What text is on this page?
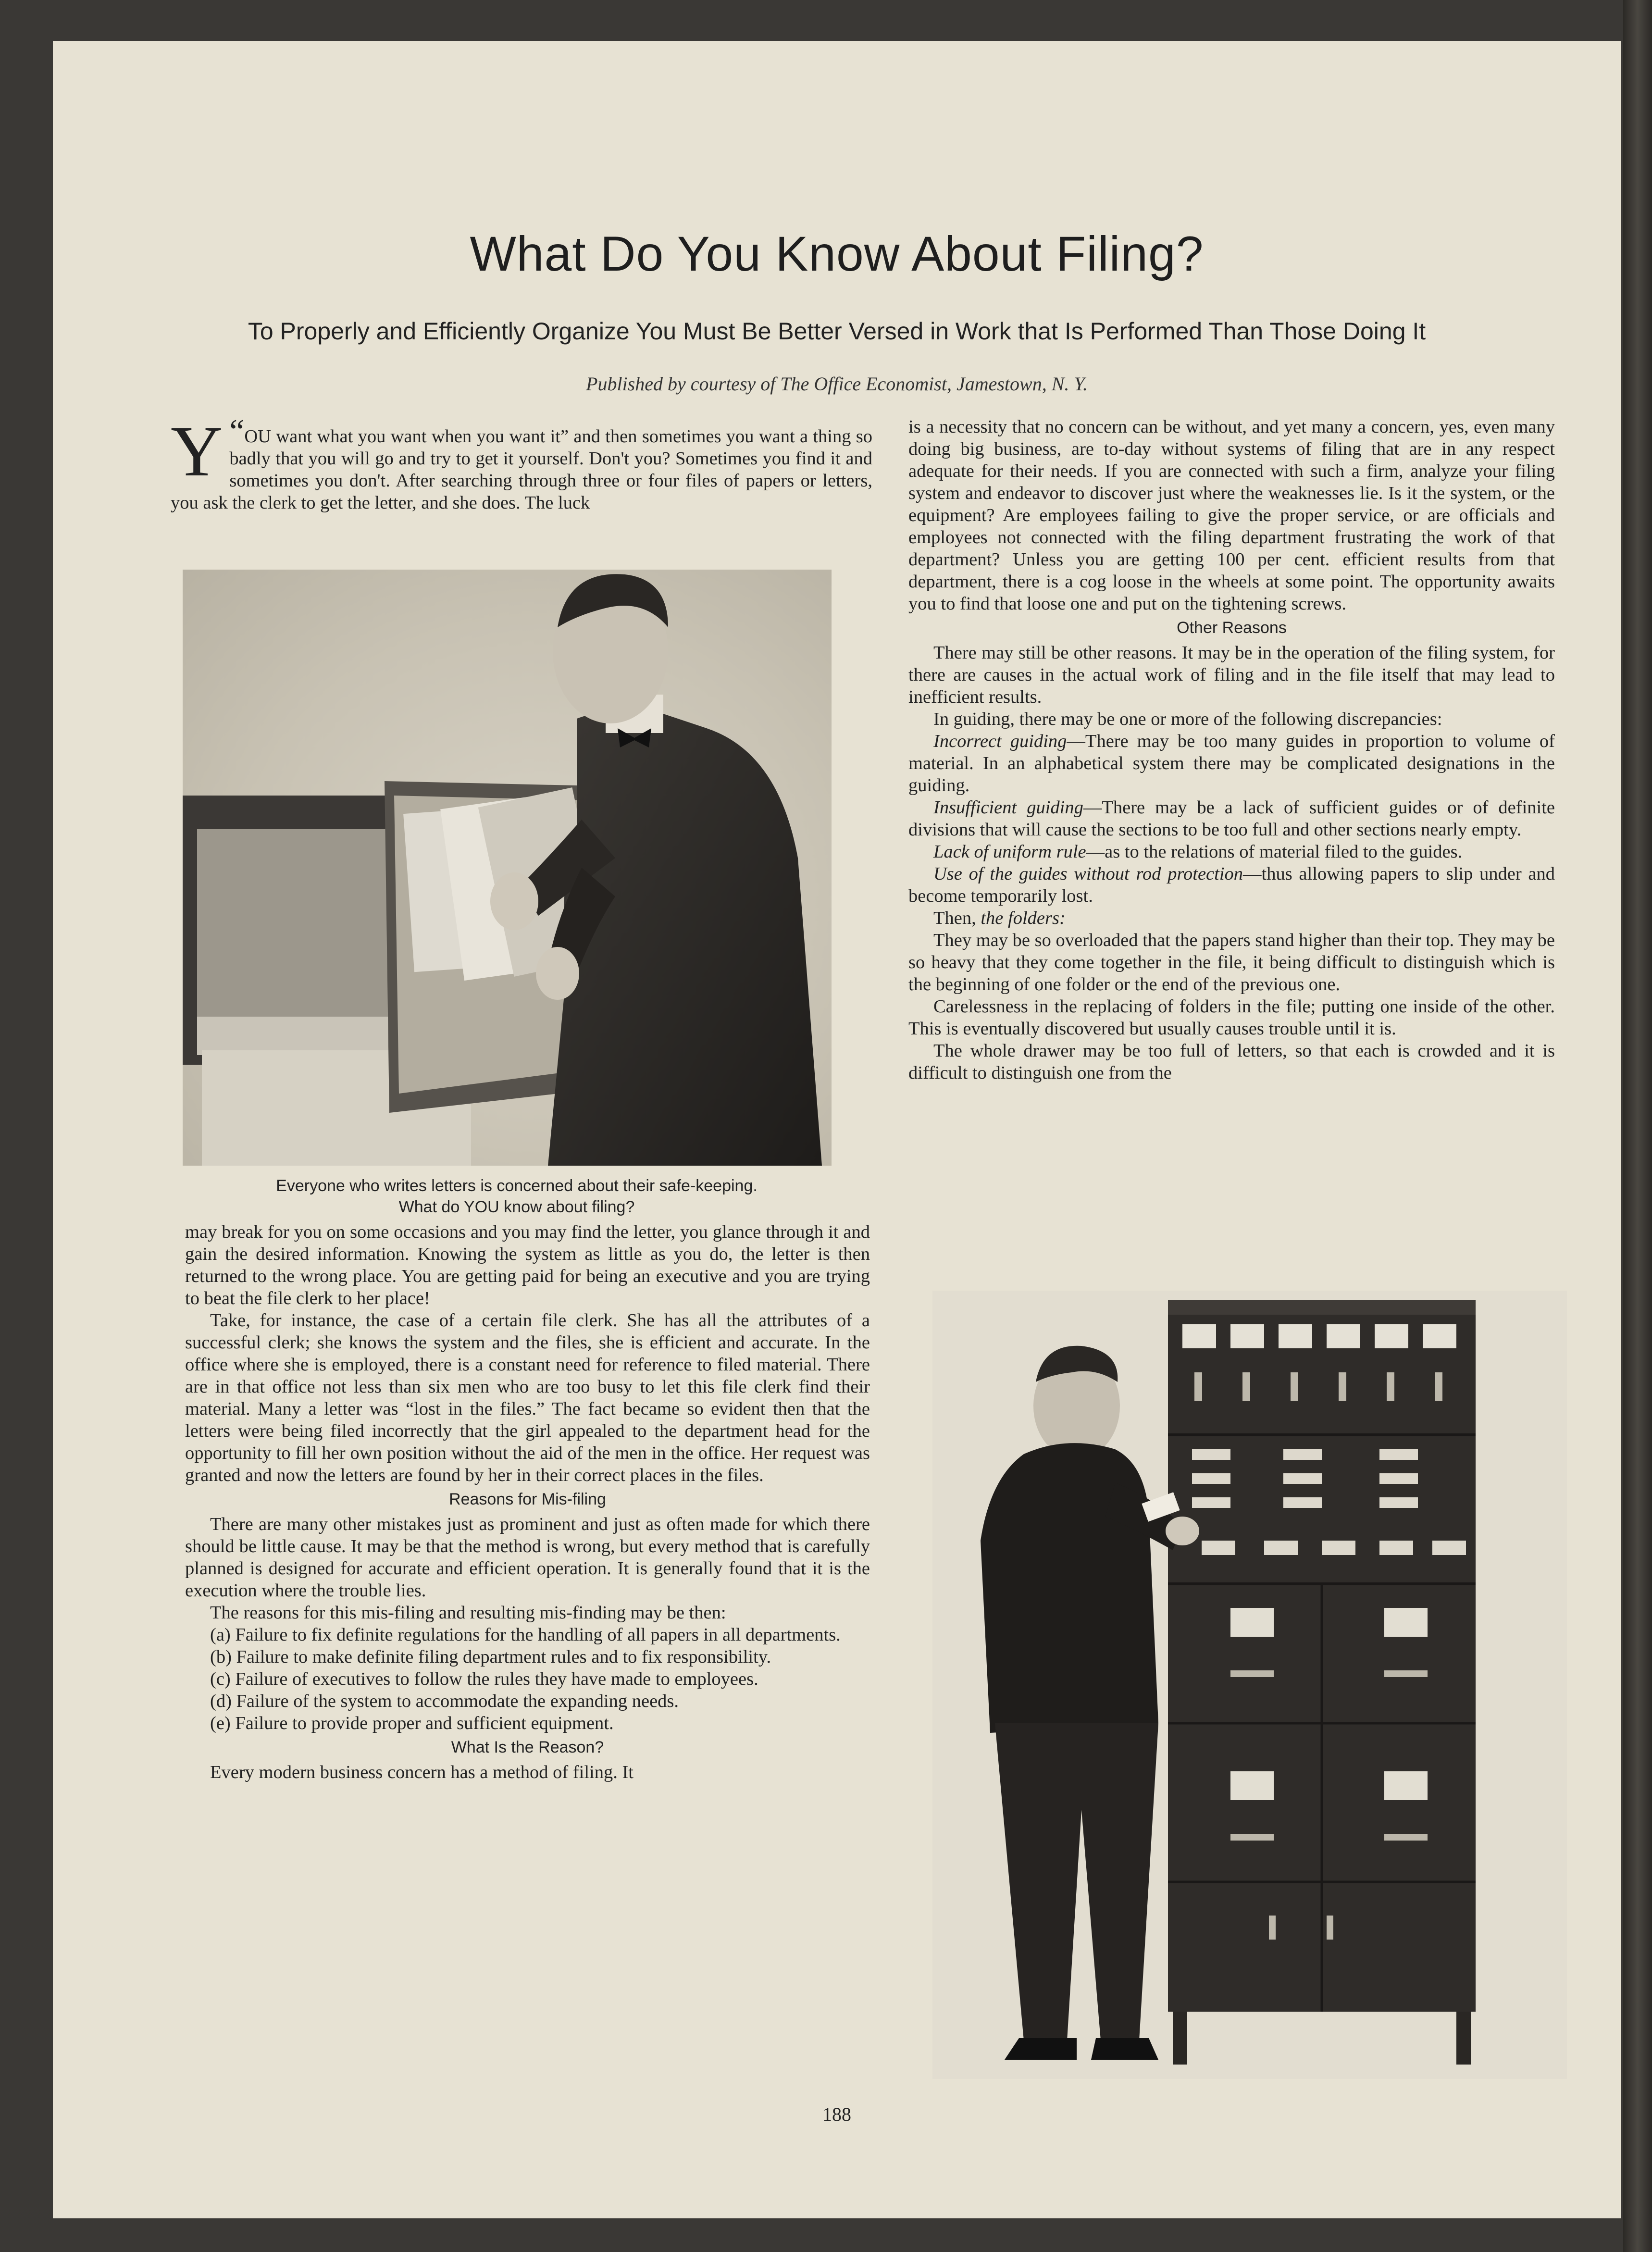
What Do You Know About Filing?
To Properly and Efficiently Organize You Must Be Better Versed in Work that Is Performed Than Those Doing It
Published by courtesy of The Office Economist, Jamestown, N. Y.

“
Y OU want what you want when you want it” and then sometimes you want a thing so badly that you will go and try to get it yourself. Don't you? Sometimes you find it and sometimes you don't. After searching through three or four files of papers or letters, you ask the clerk to get the letter, and she does. The luck

Everyone who writes letters is concerned about their safe-keeping.
What do YOU know about filing?

may break for you on some occasions and you may find the letter, you glance through it and gain the desired information. Knowing the system as little as you do, the letter is then returned to the wrong place. You are getting paid for being an executive and you are trying to beat the file clerk to her place!

Take, for instance, the case of a certain file clerk. She has all the attributes of a successful clerk; she knows the system and the files, she is efficient and accurate. In the office where she is employed, there is a constant need for reference to filed material. There are in that office not less than six men who are too busy to let this file clerk find their material. Many a letter was “lost in the files.” The fact became so evident then that the letters were being filed incorrectly that the girl appealed to the department head for the opportunity to fill her own position without the aid of the men in the office. Her request was granted and now the letters are found by her in their correct places in the files.

Reasons for Mis-filing

There are many other mistakes just as prominent and just as often made for which there should be little cause. It may be that the method is wrong, but every method that is carefully planned is designed for accurate and efficient operation. It is generally found that it is the execution where the trouble lies.

The reasons for this mis-filing and resulting mis-finding may be then:

(a) Failure to fix definite regulations for the handling of all papers in all departments.

(b) Failure to make definite filing department rules and to fix responsibility.

(c) Failure of executives to follow the rules they have made to employees.

(d) Failure of the system to accommodate the expanding needs.

(e) Failure to provide proper and sufficient equipment.

What Is the Reason?

Every modern business concern has a method of filing. It

is a necessity that no concern can be without, and yet many a concern, yes, even many doing big business, are to-day without systems of filing that are in any respect adequate for their needs. If you are connected with such a firm, analyze your filing system and endeavor to discover just where the weaknesses lie. Is it the system, or the equipment? Are employees failing to give the proper service, or are officials and employees not connected with the filing department frustrating the work of that department? Unless you are getting 100 per cent. efficient results from that department, there is a cog loose in the wheels at some point. The opportunity awaits you to find that loose one and put on the tightening screws.

Other Reasons

There may still be other reasons. It may be in the operation of the filing system, for there are causes in the actual work of filing and in the file itself that may lead to inefficient results.

In guiding, there may be one or more of the following discrepancies:

Incorrect guiding—There may be too many guides in proportion to volume of material. In an alphabetical system there may be complicated designations in the guiding.

Insufficient guiding—There may be a lack of sufficient guides or of definite divisions that will cause the sections to be too full and other sections nearly empty.

Lack of uniform rule—as to the relations of material filed to the guides.

Use of the guides without rod protection—thus allowing papers to slip under and become temporarily lost.

Then, the folders:

They may be so overloaded that the papers stand higher than their top. They may be so heavy that they come together in the file, it being difficult to distinguish which is the beginning of one folder or the end of the previous one.

Carelessness in the replacing of folders in the file; putting one inside of the other. This is eventually discovered but usually causes trouble until it is.

The whole drawer may be too full of letters, so that each is crowded and it is difficult to distinguish one from the

188
